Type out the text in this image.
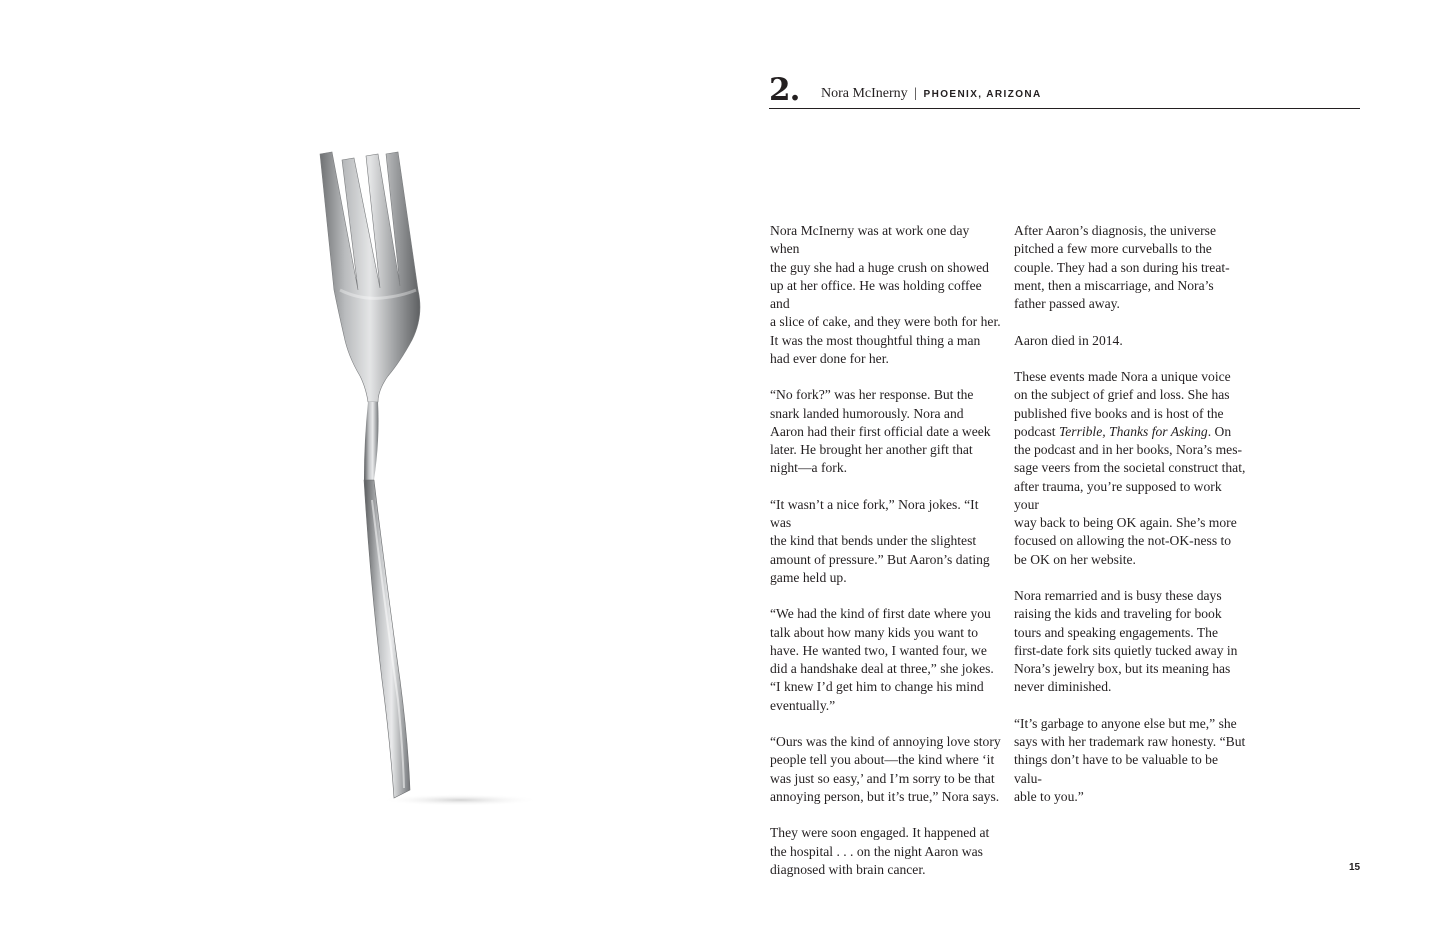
2. Nora McInerny | PHOENIX, ARIZONA

Nora McInerny was at work one day when
the guy she had a huge crush on showed
up at her office. He was holding coffee and
a slice of cake, and they were both for her.
It was the most thoughtful thing a man
had ever done for her.

“No fork?” was her response. But the
snark landed humorously. Nora and
Aaron had their first official date a week
later. He brought her another gift that
night—a fork.

“It wasn’t a nice fork,” Nora jokes. “It was
the kind that bends under the slightest
amount of pressure.” But Aaron’s dating
game held up.

“We had the kind of first date where you
talk about how many kids you want to
have. He wanted two, I wanted four, we
did a handshake deal at three,” she jokes.
“I knew I’d get him to change his mind
eventually.”

“Ours was the kind of annoying love story
people tell you about—the kind where ‘it
was just so easy,’ and I’m sorry to be that
annoying person, but it’s true,” Nora says.

They were soon engaged. It happened at
the hospital . . . on the night Aaron was
diagnosed with brain cancer.

After Aaron’s diagnosis, the universe
pitched a few more curveballs to the
couple. They had a son during his treat-
ment, then a miscarriage, and Nora’s
father passed away.

Aaron died in 2014.

These events made Nora a unique voice
on the subject of grief and loss. She has
published five books and is host of the
podcast Terrible, Thanks for Asking. On
the podcast and in her books, Nora’s mes-
sage veers from the societal construct that,
after trauma, you’re supposed to work your
way back to being OK again. She’s more
focused on allowing the not-OK-ness to
be OK on her website.

Nora remarried and is busy these days
raising the kids and traveling for book
tours and speaking engagements. The
first-date fork sits quietly tucked away in
Nora’s jewelry box, but its meaning has
never diminished.

“It’s garbage to anyone else but me,” she
says with her trademark raw honesty. “But
things don’t have to be valuable to be valu-
able to you.”

15
